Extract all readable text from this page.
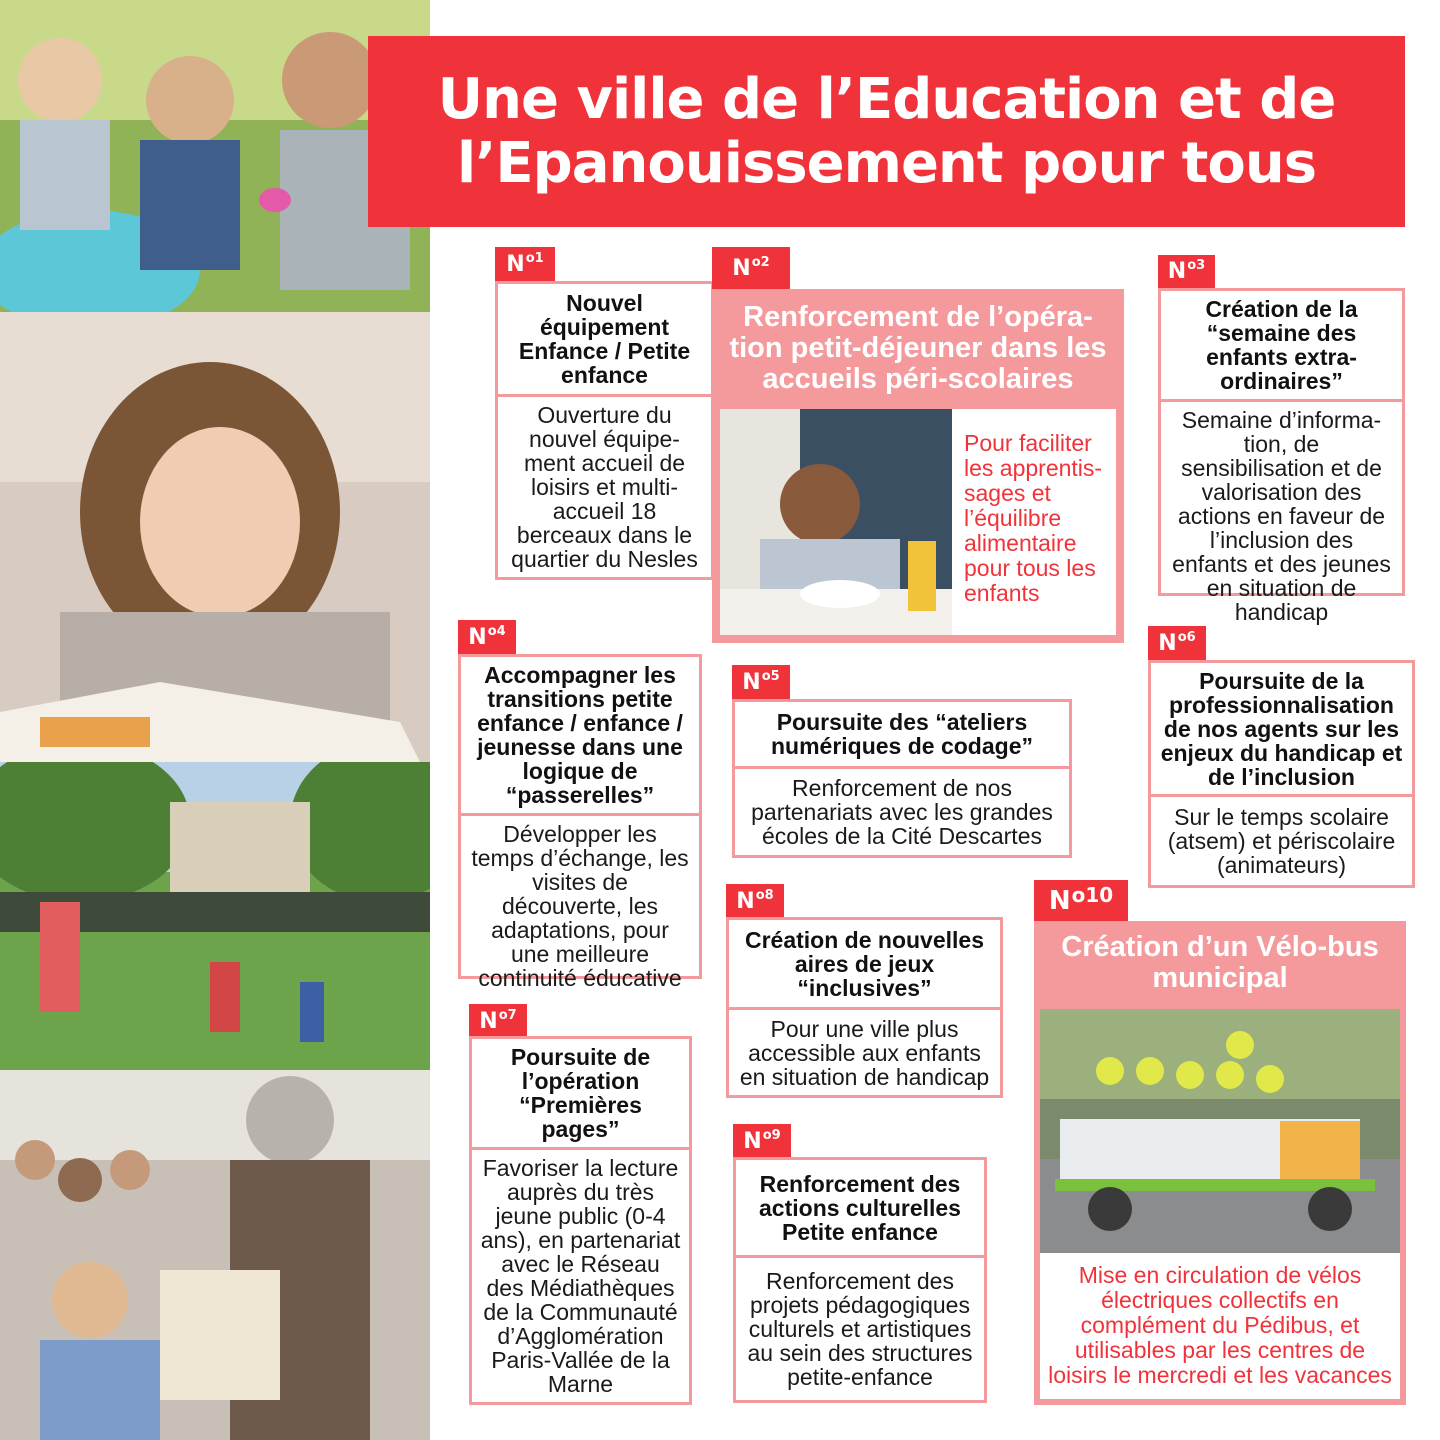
Une ville de l’Education et de
l’Epanouissement pour tous
N o1
Nouvel équipement Enfance / Petite enfance
Ouverture du nouvel équipe-ment accueil de loisirs et multi-accueil 18 berceaux dans le quartier du Nesles
N o2
Renforcement de l’opéra-tion petit-déjeuner dans les accueils péri-scolaires
Pour faciliter les apprentis-sages et l’équilibre alimentaire pour tous les enfants
N o3
Création de la “semaine des enfants extra-ordinaires”
Semaine d’informa-tion, de sensibilisation et de valorisation des actions en faveur de l’inclusion des enfants et des jeunes en situation de handicap
N o4
Accompagner les transitions petite enfance / enfance / jeunesse dans une logique de “passerelles”
Développer les temps d’échange, les visites de découverte, les adaptations, pour une meilleure continuité éducative
N o5
Poursuite des “ateliers numériques de codage”
Renforcement de nos partenariats avec les grandes écoles de la Cité Descartes
N o6
Poursuite de la professionnalisation de nos agents sur les enjeux du handicap et de l’inclusion
Sur le temps scolaire (atsem) et périscolaire (animateurs)
N o7
Poursuite de l’opération “Premières pages”
Favoriser la lecture auprès du très jeune public (0-4 ans), en partenariat avec le Réseau des Médiathèques de la Communauté d’Agglomération Paris-Vallée de la Marne
N o8
Création de nouvelles aires de jeux “inclusives”
Pour une ville plus accessible aux enfants en situation de handicap
N o9
Renforcement des actions culturelles Petite enfance
Renforcement des projets pédagogiques culturels et artistiques au sein des structures petite-enfance
N o10
Création d’un Vélo-bus municipal
Mise en circulation de vélos électriques collectifs en complément du Pédibus, et utilisables par les centres de loisirs le mercredi et les vacances
